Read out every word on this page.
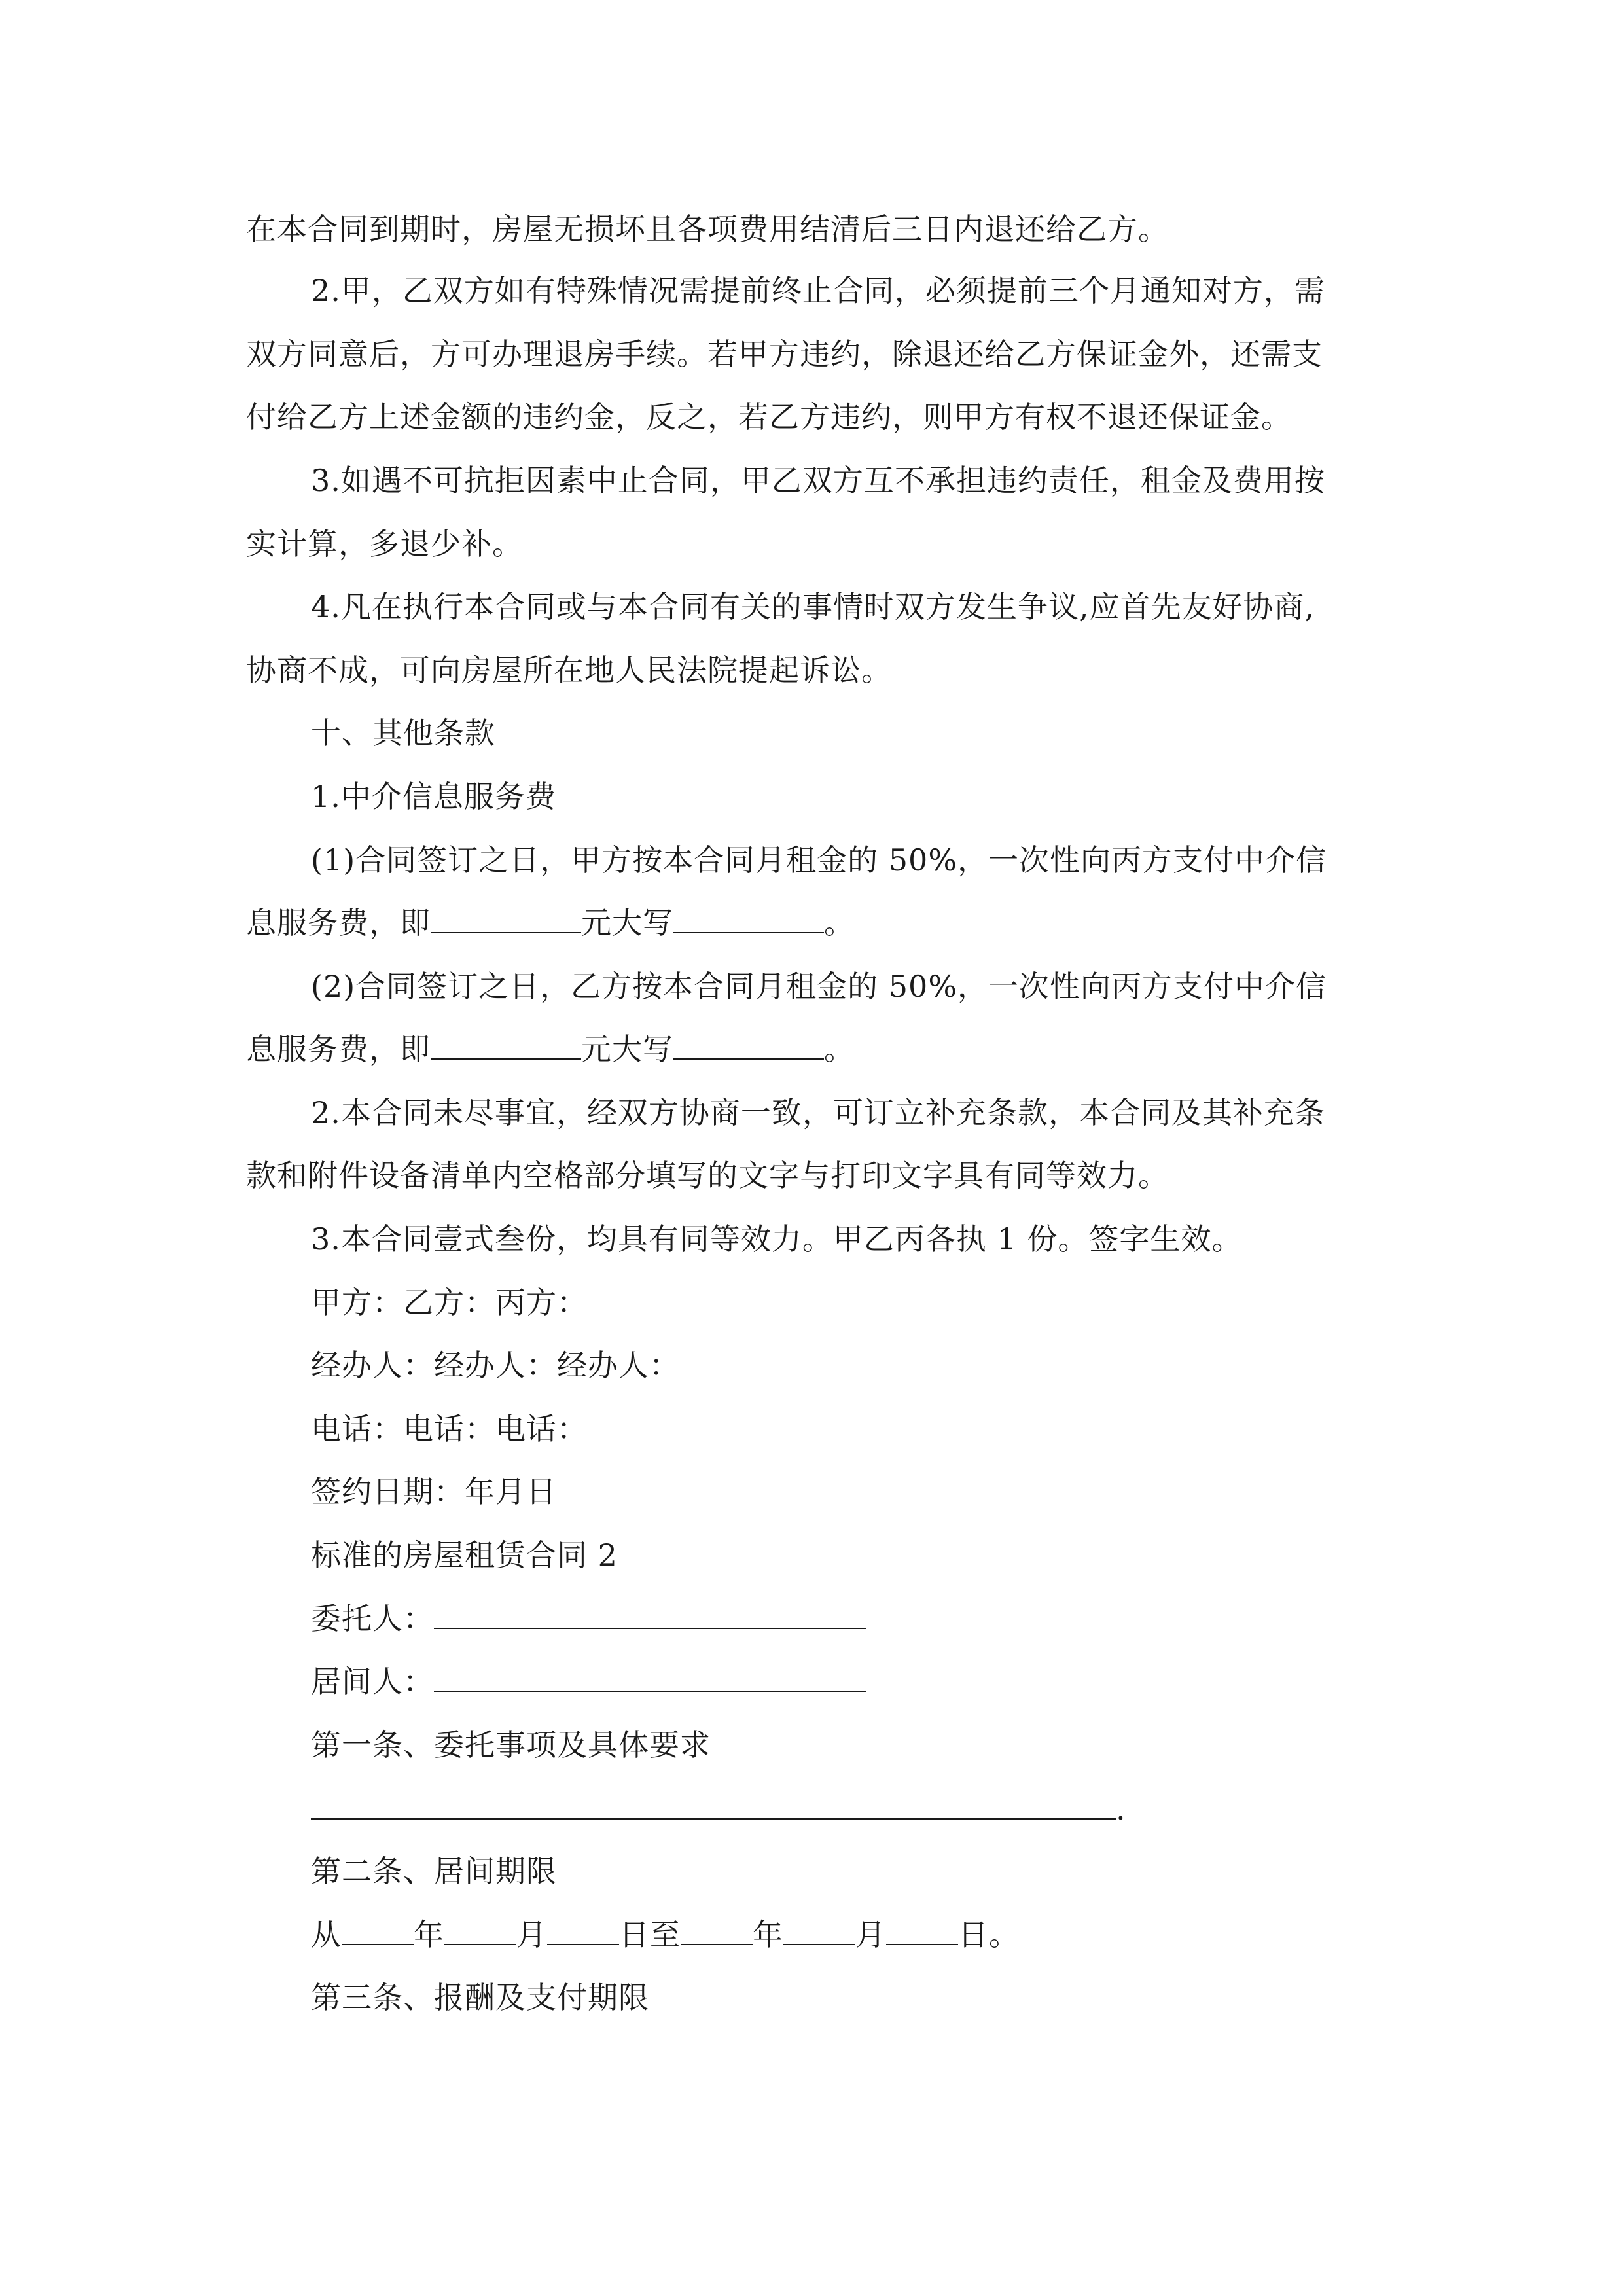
在本合同到期时，房屋无损坏且各项费用结清后三日内退还给乙方。
2.甲，乙双方如有特殊情况需提前终止合同，必须提前三个月通知对方，需
双方同意后，方可办理退房手续。若甲方违约，除退还给乙方保证金外，还需支
付给乙方上述金额的违约金，反之，若乙方违约，则甲方有权不退还保证金。
3.如遇不可抗拒因素中止合同，甲乙双方互不承担违约责任，租金及费用按
实计算，多退少补。
4.凡在执行本合同或与本合同有关的事情时双方发生争议,应首先友好协商,
协商不成，可向房屋所在地人民法院提起诉讼。
十、其他条款
1.中介信息服务费
(1)合同签订之日，甲方按本合同月租金的 50%，一次性向丙方支付中介信
息服务费，即	元大写	。
(2)合同签订之日，乙方按本合同月租金的 50%，一次性向丙方支付中介信
息服务费，即	元大写	。
2.本合同未尽事宜，经双方协商一致，可订立补充条款，本合同及其补充条
款和附件设备清单内空格部分填写的文字与打印文字具有同等效力。
3.本合同壹式叁份，均具有同等效力。甲乙丙各执 1 份。签字生效。
甲方：乙方：丙方：
经办人：经办人：经办人：
电话：电话：电话：
签约日期：年月日
标准的房屋租赁合同 2
委托人：
居间人：
第一条、委托事项及具体要求
.
第二条、居间期限
从 年 月 日至 年 月 日。
第三条、报酬及支付期限
